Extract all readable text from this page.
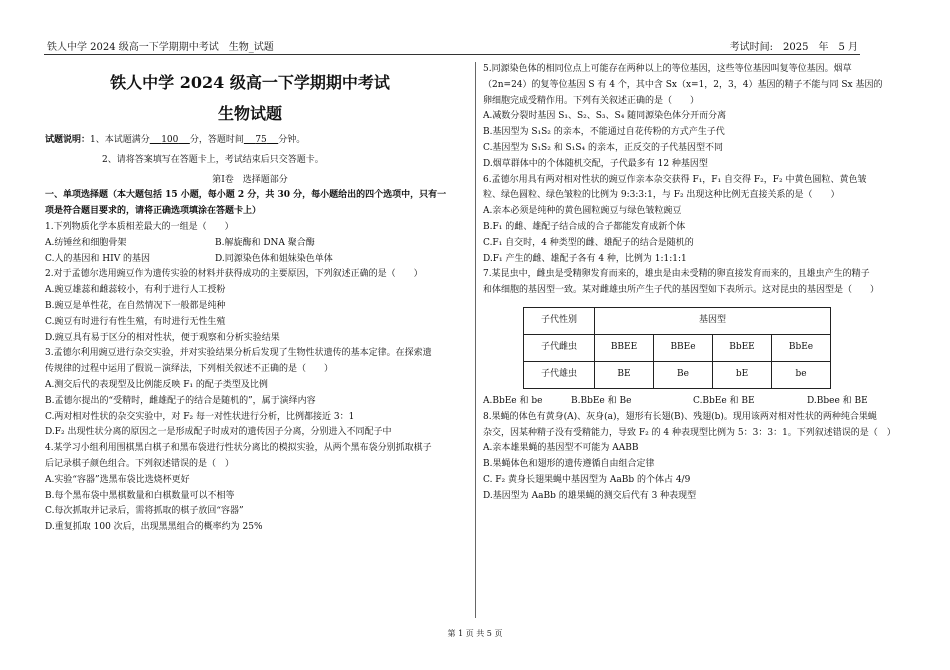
铁人中学 2024 级高一下学期期中考试　生物_试题	考试时间:　2025　年　5 月
铁人中学 2024 级高一下学期期中考试
生物试题
试题说明：1、本试题满分 100 分，答题时间 75 分钟。
2、请将答案填写在答题卡上，考试结束后只交答题卡。
第Ⅰ卷　选择题部分
一、单项选择题（本大题包括 15 小题，每小题 2 分，共 30 分，每小题给出的四个选项中，只有一
项是符合题目要求的，请将正确选项填涂在答题卡上）
1.下列物质化学本质相差最大的一组是（　　）
A.纺锤丝和细胞骨架	B.解旋酶和 DNA 聚合酶
C.人的基因和 HIV 的基因	D.同源染色体和姐妹染色单体
2.对于孟德尔选用豌豆作为遗传实验的材料并获得成功的主要原因，下列叙述正确的是（　　）
A.豌豆雄蕊和雌蕊较小，有利于进行人工授粉
B.豌豆是单性花，在自然情况下一般都是纯种
C.豌豆有时进行有性生殖，有时进行无性生殖
D.豌豆具有易于区分的相对性状，便于观察和分析实验结果
3.孟德尔利用豌豆进行杂交实验，并对实验结果分析后发现了生物性状遗传的基本定律。在探索遗
传规律的过程中运用了假说－演绎法，下列相关叙述不正确的是（　　）
A.测交后代的表现型及比例能反映 F₁ 的配子类型及比例
B.孟德尔提出的“受精时，雌雄配子的结合是随机的”，属于演绎内容
C.两对相对性状的杂交实验中，对 F₂ 每一对性状进行分析，比例都接近 3：1
D.F₂ 出现性状分离的原因之一是形成配子时成对的遗传因子分离，分别进入不同配子中
4.某学习小组利用围棋黑白棋子和黑布袋进行性状分离比的模拟实验，从两个黑布袋分别抓取棋子
后记录棋子颜色组合。下列叙述错误的是（　）
A.实验“容器”选黑布袋比选烧杯更好
B.每个黑布袋中黑棋数量和白棋数量可以不相等
C.每次抓取并记录后，需将抓取的棋子放回“容器”
D.重复抓取 100 次后，出现黑黑组合的概率约为 25%
5.同源染色体的相同位点上可能存在两种以上的等位基因，这些等位基因叫复等位基因。烟草
（2n=24）的复等位基因 S 有 4 个，其中含 Sx（x=1，2，3，4）基因的精子不能与同 Sx 基因的
卵细胞完成受精作用。下列有关叙述正确的是（　　）
A.减数分裂时基因 S₁、S₂、S₃、S₄ 随同源染色体分开而分离
B.基因型为 S₁S₂ 的亲本，不能通过自花传粉的方式产生子代
C.基因型为 S₁S₂ 和 S₁S₄ 的亲本，正反交的子代基因型不同
D.烟草群体中的个体随机交配，子代最多有 12 种基因型
6.孟德尔用具有两对相对性状的豌豆作亲本杂交获得 F₁，F₁ 自交得 F₂，F₂ 中黄色圆粒、黄色皱
粒、绿色圆粒、绿色皱粒的比例为 9:3:3:1，与 F₂ 出现这种比例无直接关系的是（　　）
A.亲本必须是纯种的黄色圆粒豌豆与绿色皱粒豌豆
B.F₁ 的雌、雄配子结合成的合子都能发育成新个体
C.F₁ 自交时，4 种类型的雌、雄配子的结合是随机的
D.F₁ 产生的雌、雄配子各有 4 种，比例为 1:1:1:1
7.某昆虫中，雌虫是受精卵发育而来的，雄虫是由未受精的卵直接发育而来的，且雄虫产生的精子
和体细胞的基因型一致。某对雌雄虫所产生子代的基因型如下表所示。这对昆虫的基因型是（　　）
子代性别	基因型			
子代雌虫	BBEE	BBEe	BbEE	BbEe
子代雄虫	BE	Be	bE	be
A.BbEe 和 be	B.BbEe 和 Be	C.BbEe 和 BE	D.Bbee 和 BE
8.果蝇的体色有黄身(A)、灰身(a)，翅形有长翅(B)、残翅(b)。现用该两对相对性状的两种纯合果蝇
杂交，因某种精子没有受精能力，导致 F₂ 的 4 种表现型比例为 5：3：3：1。下列叙述错误的是（　）
A.亲本雄果蝇的基因型不可能为 AABB
B.果蝇体色和翅形的遗传遵循自由组合定律
C. F₂ 黄身长翅果蝇中基因型为 AaBb 的个体占 4/9
D.基因型为 AaBb 的雄果蝇的测交后代有 3 种表现型
第 1 页 共 5 页
